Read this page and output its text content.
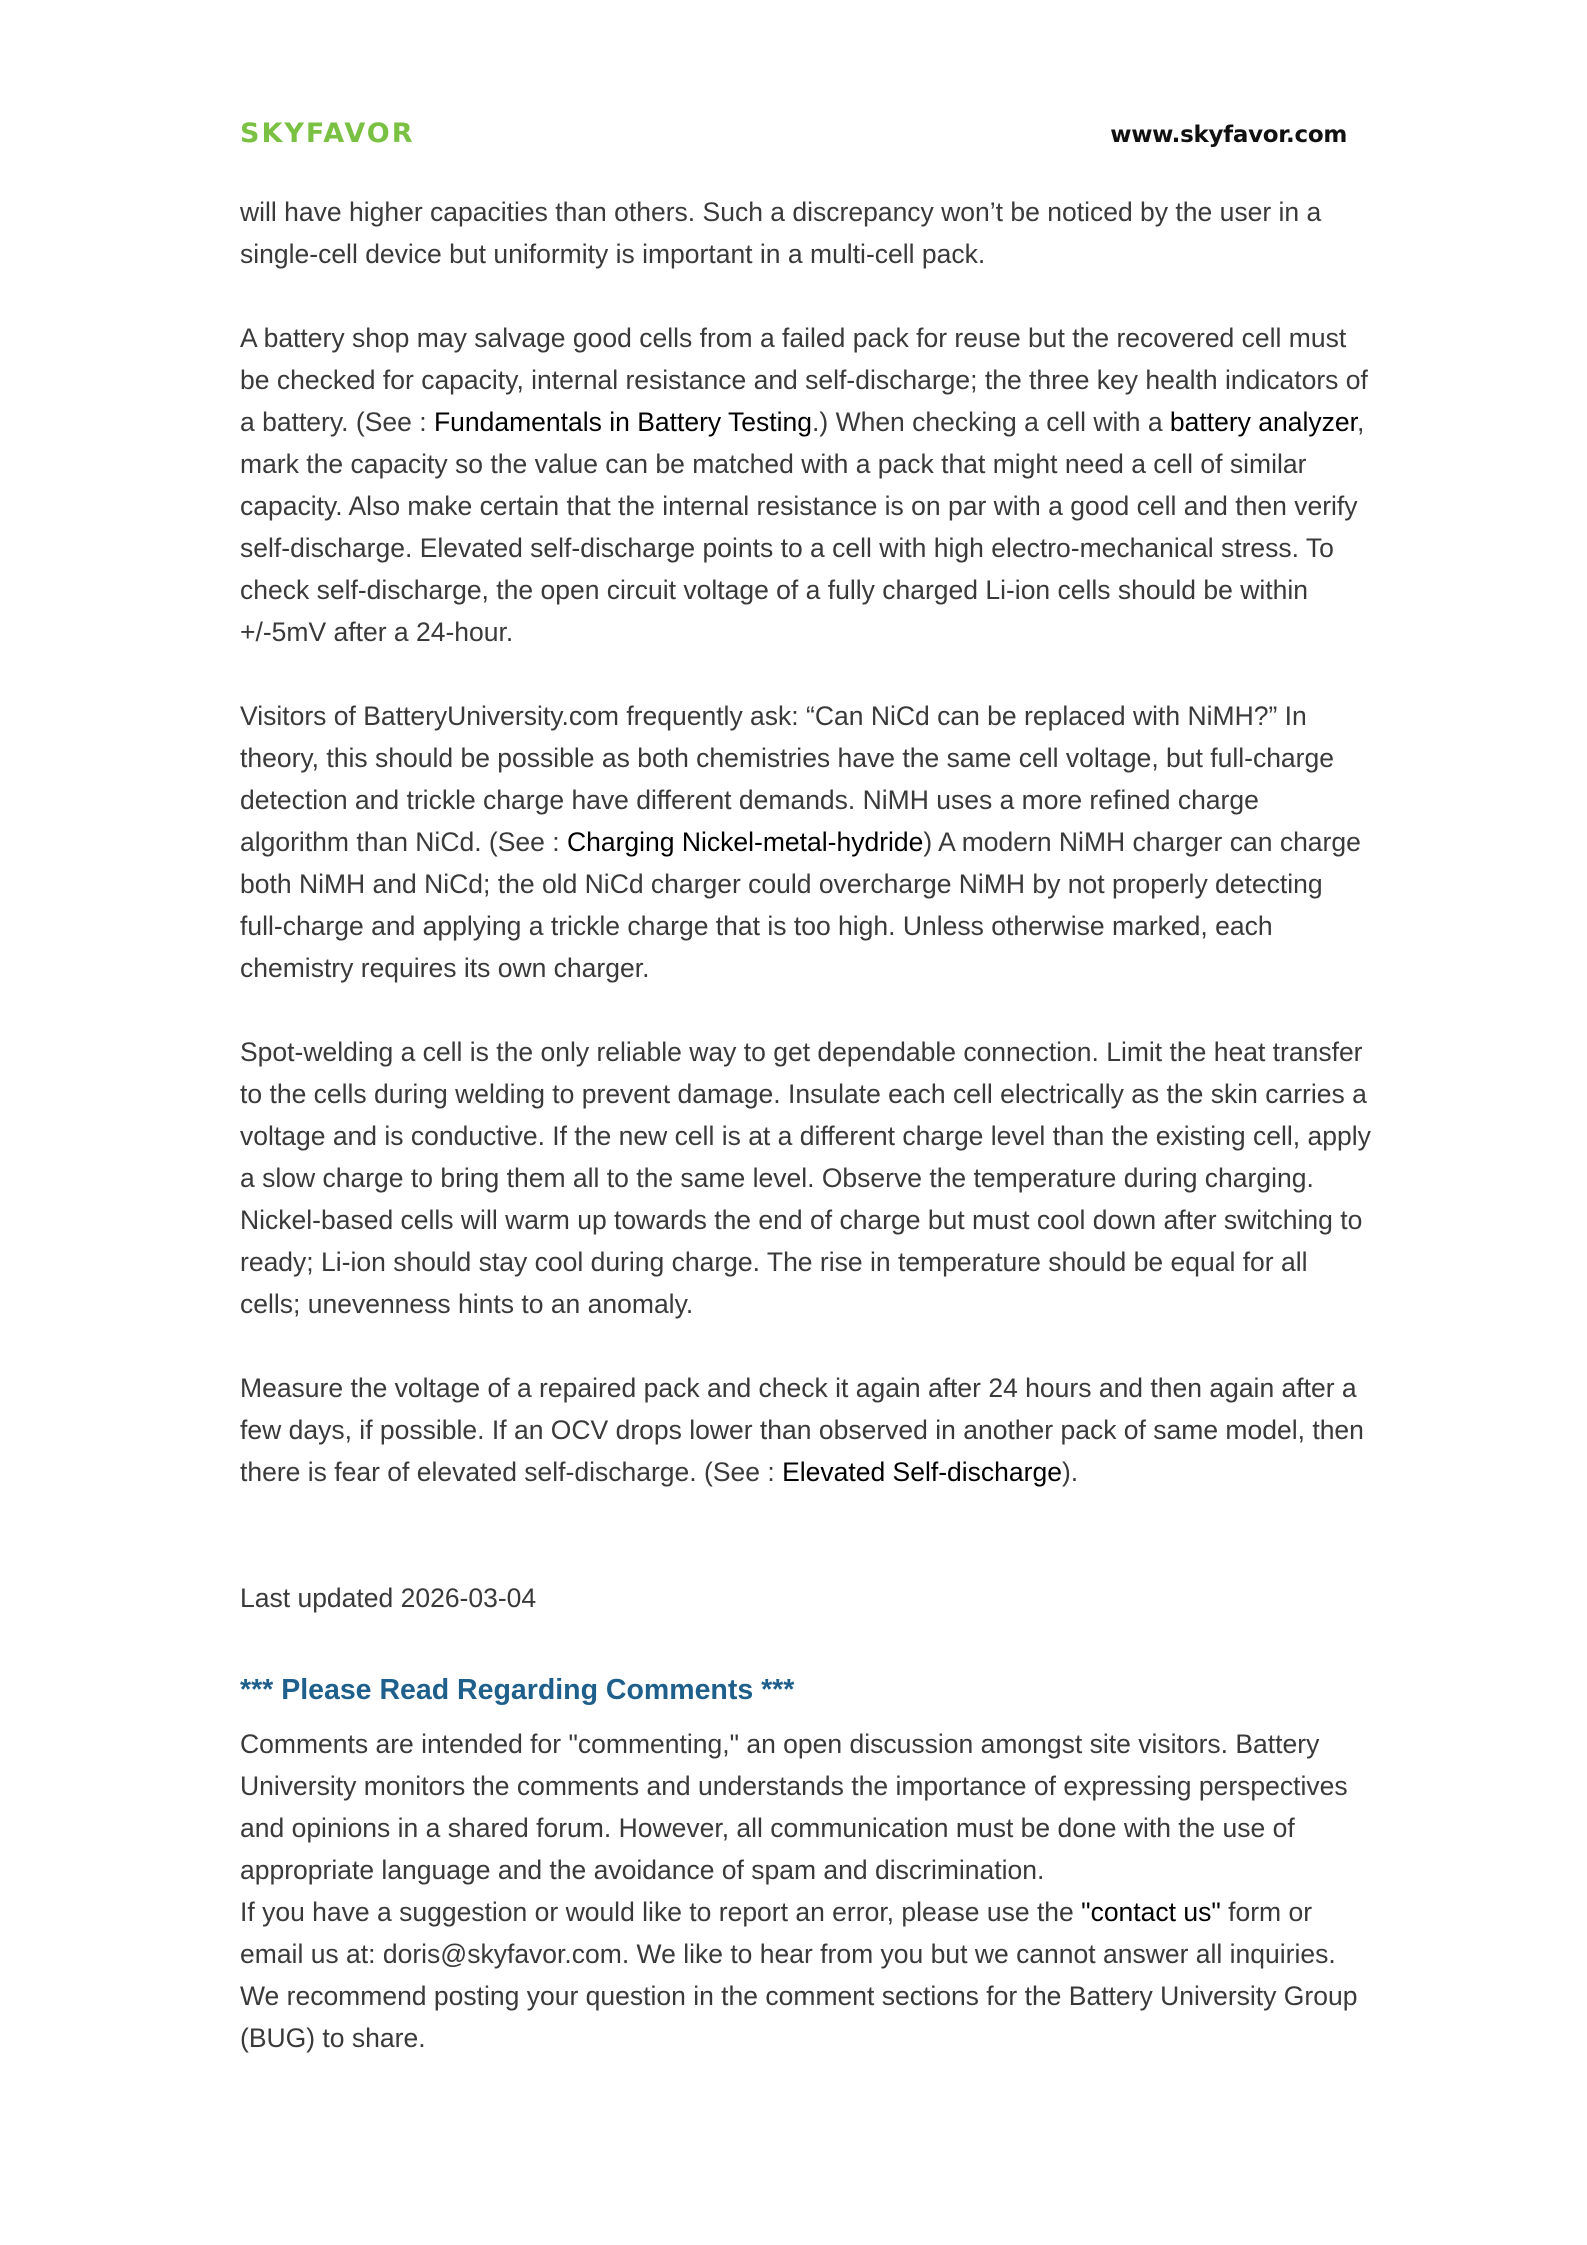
SKYFAVOR	www.skyfavor.com

will have higher capacities than others. Such a discrepancy won’t be noticed by the user in a single-cell device but uniformity is important in a multi-cell pack.

A battery shop may salvage good cells from a failed pack for reuse but the recovered cell must be checked for capacity, internal resistance and self-discharge; the three key health indicators of a battery. (See : Fundamentals in Battery Testing.) When checking a cell with a battery analyzer, mark the capacity so the value can be matched with a pack that might need a cell of similar capacity. Also make certain that the internal resistance is on par with a good cell and then verify self-discharge. Elevated self-discharge points to a cell with high electro-mechanical stress. To check self-discharge, the open circuit voltage of a fully charged Li-ion cells should be within +/-5mV after a 24-hour.

Visitors of BatteryUniversity.com frequently ask: “Can NiCd can be replaced with NiMH?” In theory, this should be possible as both chemistries have the same cell voltage, but full-charge detection and trickle charge have different demands. NiMH uses a more refined charge algorithm than NiCd. (See : Charging Nickel-metal-hydride) A modern NiMH charger can charge both NiMH and NiCd; the old NiCd charger could overcharge NiMH by not properly detecting full-charge and applying a trickle charge that is too high. Unless otherwise marked, each chemistry requires its own charger.

Spot-welding a cell is the only reliable way to get dependable connection. Limit the heat transfer to the cells during welding to prevent damage. Insulate each cell electrically as the skin carries a voltage and is conductive. If the new cell is at a different charge level than the existing cell, apply a slow charge to bring them all to the same level. Observe the temperature during charging. Nickel-based cells will warm up towards the end of charge but must cool down after switching to ready; Li-ion should stay cool during charge. The rise in temperature should be equal for all cells; unevenness hints to an anomaly.

Measure the voltage of a repaired pack and check it again after 24 hours and then again after a few days, if possible. If an OCV drops lower than observed in another pack of same model, then there is fear of elevated self-discharge. (See : Elevated Self-discharge).

Last updated 2026-03-04

*** Please Read Regarding Comments ***

Comments are intended for "commenting," an open discussion amongst site visitors. Battery University monitors the comments and understands the importance of expressing perspectives and opinions in a shared forum. However, all communication must be done with the use of appropriate language and the avoidance of spam and discrimination.

If you have a suggestion or would like to report an error, please use the "contact us" form or email us at: doris@skyfavor.com. We like to hear from you but we cannot answer all inquiries. We recommend posting your question in the comment sections for the Battery University Group (BUG) to share.
